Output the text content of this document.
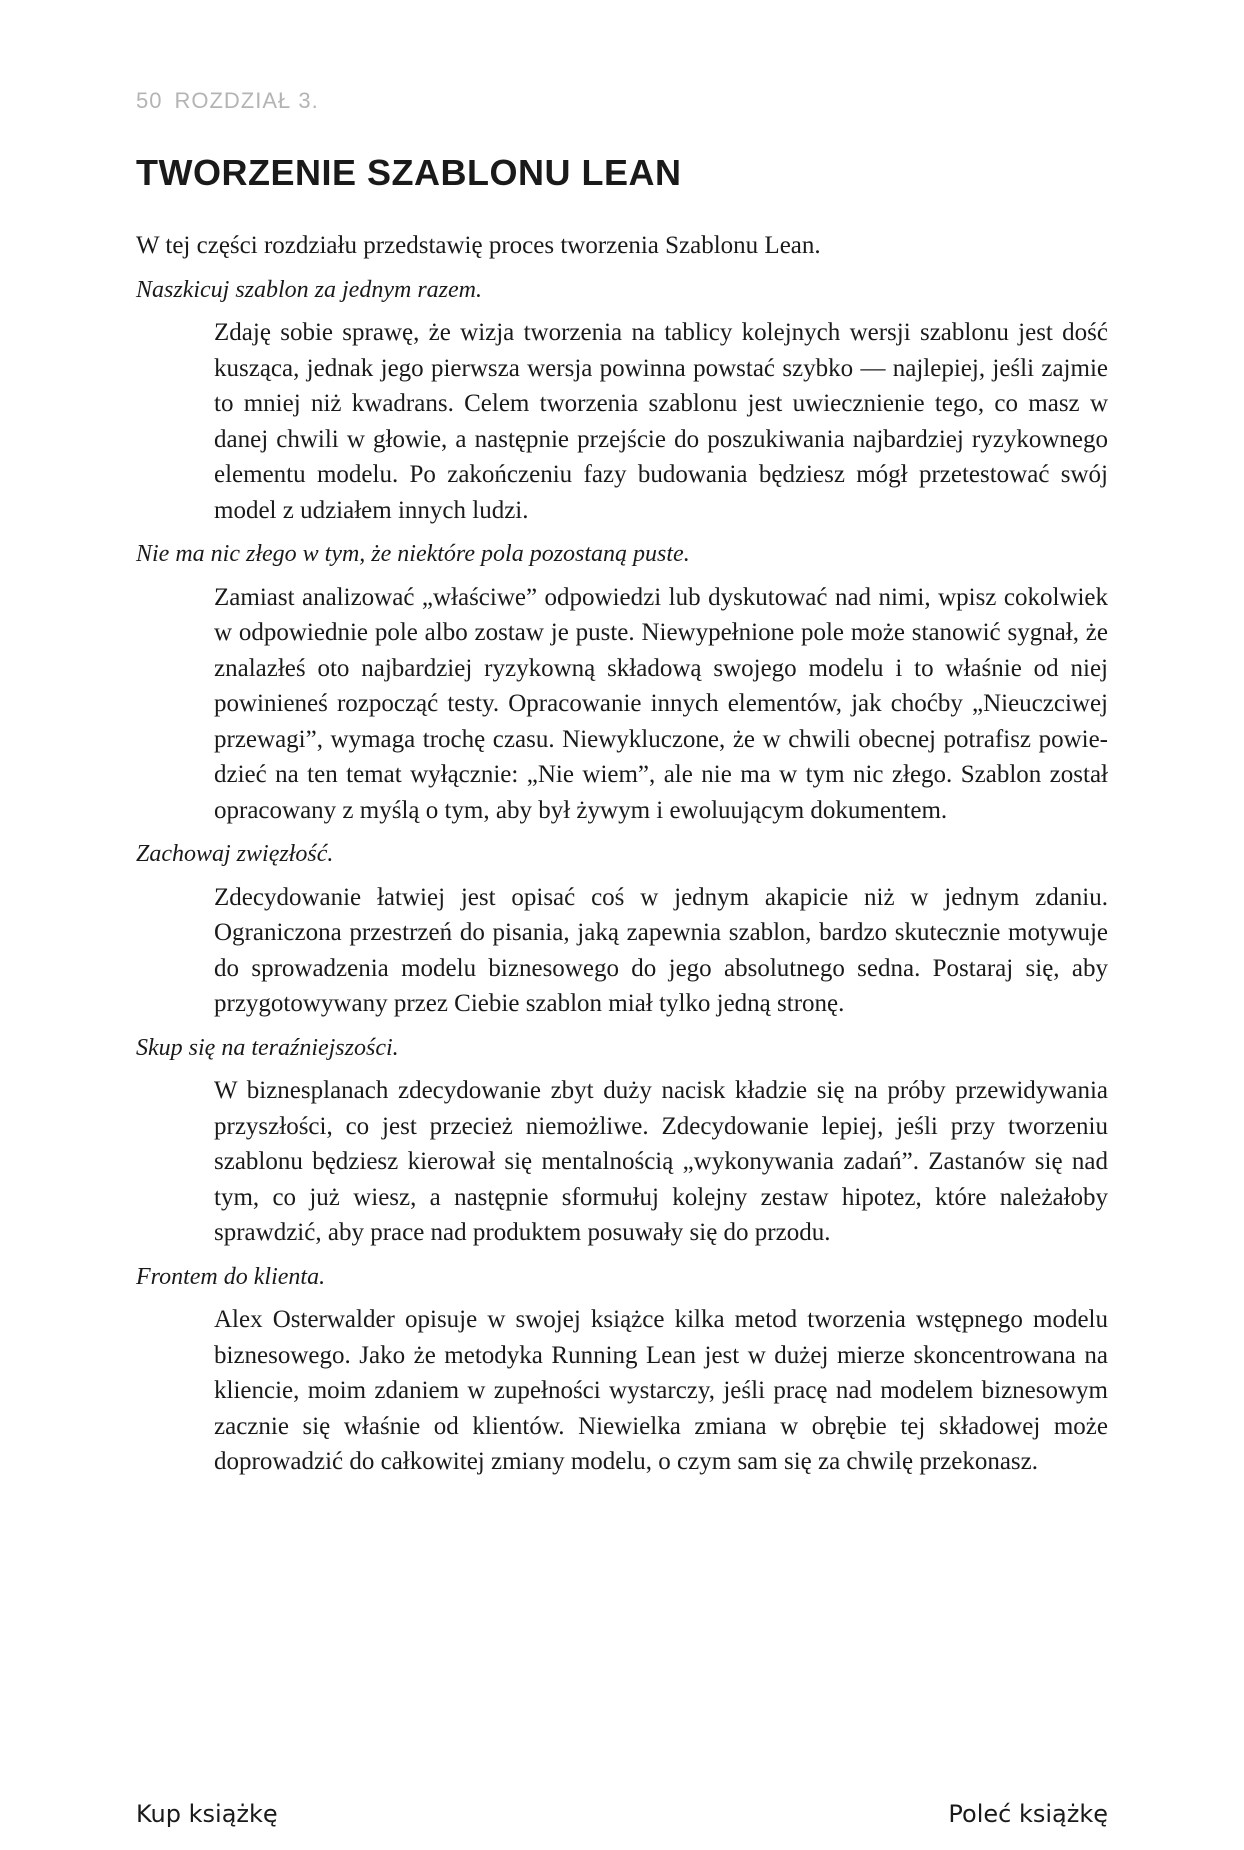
50 ROZDZIAŁ 3.
TWORZENIE SZABLONU LEAN

W tej części rozdziału przedstawię proces tworzenia Szablonu Lean.

Naszkicuj szablon za jednym razem.

Zdaję sobie sprawę, że wizja tworzenia na tablicy kolejnych wersji szablonu jest dość kusząca, jednak jego pierwsza wersja powinna powstać szybko — najlepiej, jeśli zajmie to mniej niż kwadrans. Celem tworzenia szablonu jest uwiecznienie tego, co masz w danej chwili w głowie, a następnie przejście do poszukiwania najbardziej ryzykownego elementu modelu. Po zakończeniu fazy budowania będziesz mógł przetestować swój model z udziałem innych ludzi.

Nie ma nic złego w tym, że niektóre pola pozostaną puste.

Zamiast analizować „właściwe” odpowiedzi lub dyskutować nad nimi, wpisz cokolwiek w odpowiednie pole albo zostaw je puste. Niewypełnione pole może stanowić sygnał, że znalazłeś oto najbardziej ryzykowną składową swojego modelu i to właśnie od niej powinieneś rozpocząć testy. Opracowanie innych elementów, jak choćby „Nieuczciwej przewagi”, wymaga trochę czasu. Niewykluczone, że w chwili obecnej potrafisz powiedzieć na ten temat wyłącznie: „Nie wiem”, ale nie ma w tym nic złego. Szablon został opracowany z myślą o tym, aby był żywym i ewoluującym dokumentem.

Zachowaj zwięzłość.

Zdecydowanie łatwiej jest opisać coś w jednym akapicie niż w jednym zdaniu. Ograniczona przestrzeń do pisania, jaką zapewnia szablon, bardzo skutecznie motywuje do sprowadzenia modelu biznesowego do jego absolutnego sedna. Postaraj się, aby przygotowywany przez Ciebie szablon miał tylko jedną stronę.

Skup się na teraźniejszości.

W biznesplanach zdecydowanie zbyt duży nacisk kładzie się na próby przewidywania przyszłości, co jest przecież niemożliwe. Zdecydowanie lepiej, jeśli przy tworzeniu szablonu będziesz kierował się mentalnością „wykonywania zadań”. Zastanów się nad tym, co już wiesz, a następnie sformułuj kolejny zestaw hipotez, które należałoby sprawdzić, aby prace nad produktem posuwały się do przodu.

Frontem do klienta.

Alex Osterwalder opisuje w swojej książce kilka metod tworzenia wstępnego modelu biznesowego. Jako że metodyka Running Lean jest w dużej mierze skoncentrowana na kliencie, moim zdaniem w zupełności wystarczy, jeśli pracę nad modelem biznesowym zacznie się właśnie od klientów. Niewielka zmiana w obrębie tej składowej może doprowadzić do całkowitej zmiany modelu, o czym sam się za chwilę przekonasz.

Kup książkę	Poleć książkę
